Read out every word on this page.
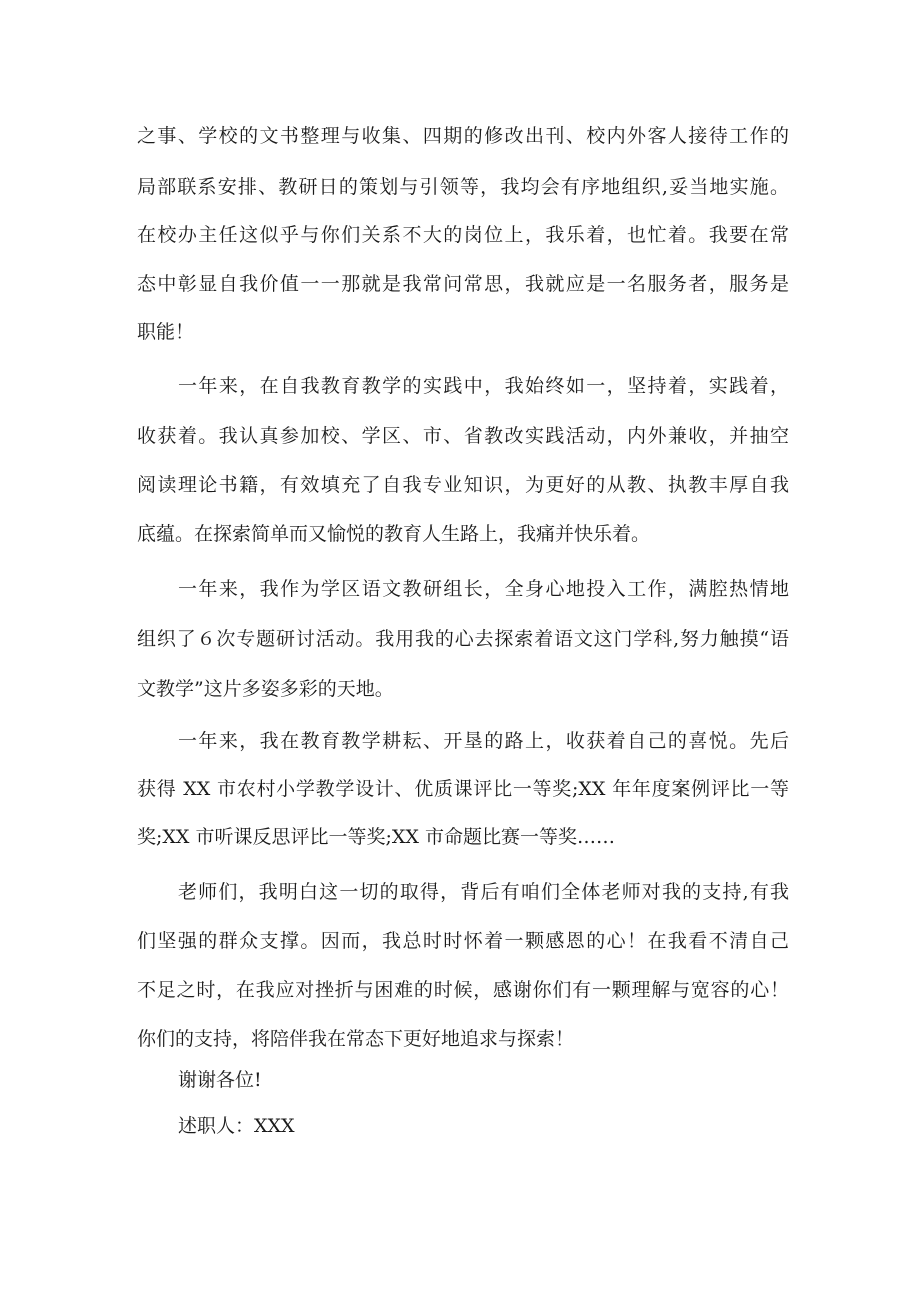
之事、学校的文书整理与收集、四期的修改出刊、校内外客人接待工作的
局部联系安排、教研日的策划与引领等，我均会有序地组织,妥当地实施。
在校办主任这似乎与你们关系不大的岗位上，我乐着，也忙着。我要在常
态中彰显自我价值一一那就是我常问常思，我就应是一名服务者，服务是
职能！
一年来，在自我教育教学的实践中，我始终如一，坚持着，实践着，
收获着。我认真参加校、学区、市、省教改实践活动，内外兼收，并抽空
阅读理论书籍，有效填充了自我专业知识，为更好的从教、执教丰厚自我
底蕴。在探索简单而又愉悦的教育人生路上，我痛并快乐着。
一年来，我作为学区语文教研组长，全身心地投入工作，满腔热情地
组织了６次专题研讨活动。我用我的心去探索着语文这门学科,努力触摸“语
文教学”这片多姿多彩的天地。
一年来，我在教育教学耕耘、开垦的路上，收获着自己的喜悦。先后
获得 XX 市农村小学教学设计、优质课评比一等奖;XX 年年度案例评比一等
奖;XX 市听课反思评比一等奖;XX 市命题比赛一等奖……
老师们，我明白这一切的取得，背后有咱们全体老师对我的支持,有我
们坚强的群众支撑。因而，我总时时怀着一颗感恩的心！在我看不清自己
不足之时，在我应对挫折与困难的时候，感谢你们有一颗理解与宽容的心！
你们的支持，将陪伴我在常态下更好地追求与探索！
谢谢各位!
述职人：XXX
